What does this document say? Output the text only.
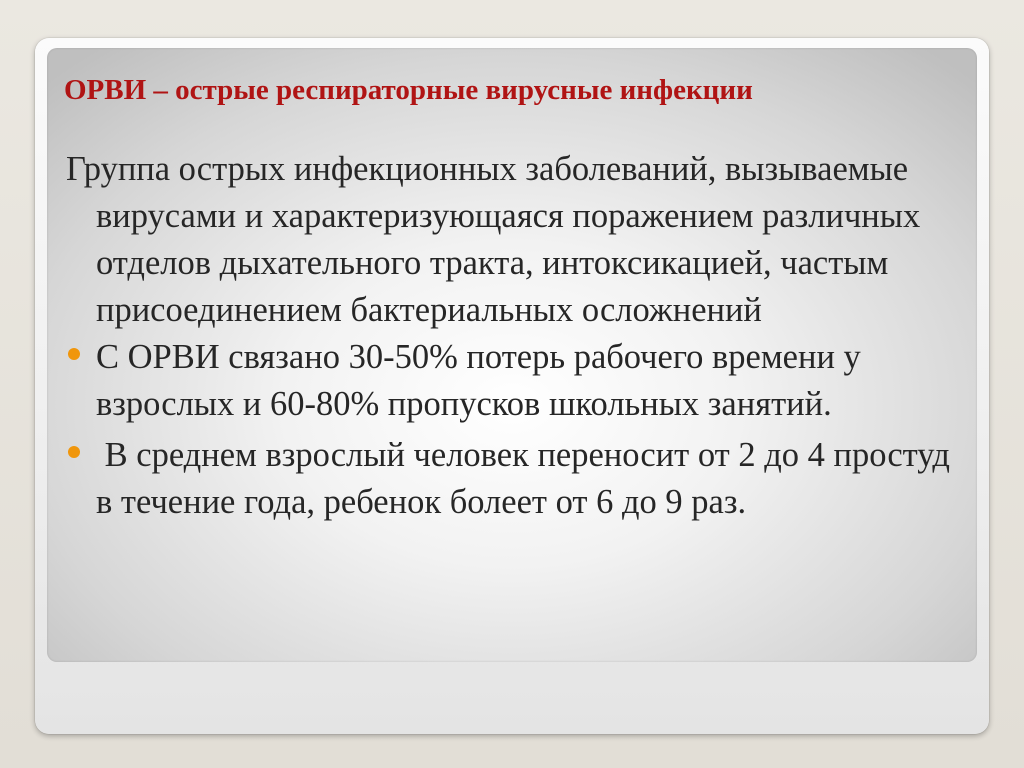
ОРВИ – острые респираторные вирусные инфекции

Группа острых инфекционных заболеваний, вызываемые вирусами и характеризующаяся поражением различных отделов дыхательного тракта, интоксикацией, частым присоединением бактериальных осложнений

С ОРВИ связано 30-50% потерь рабочего времени у взрослых и 60-80% пропусков школьных занятий.
В среднем взрослый человек переносит от 2 до 4 простуд в течение года, ребенок болеет от 6 до 9 раз.
